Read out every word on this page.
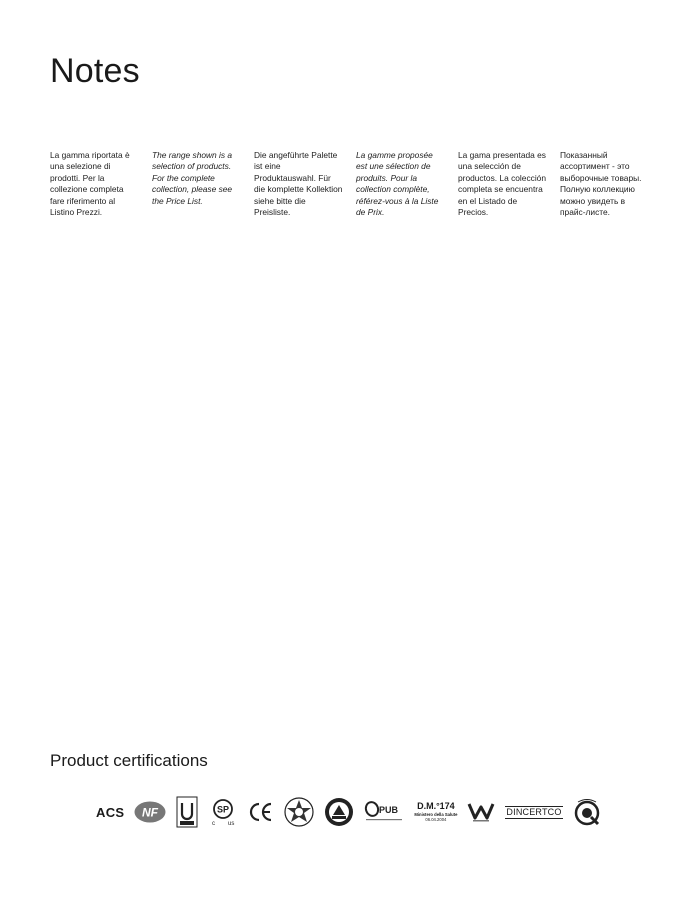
Notes
La gamma riportata è una selezione di prodotti. Per la collezione completa fare riferimento al Listino Prezzi.
The range shown is a selection of products. For the complete collection, please see the Price List.
Die angeführte Palette ist eine Produktauswahl. Für die komplette Kollektion siehe bitte die Preisliste.
La gamme proposée est une sélection de produits. Pour la collection complète, référez-vous à la Liste de Prix.
La gama presentada es una selección de productos. La colección completa se encuentra en el Listado de Precios.
Показанный ассортимент - это выборочные товары. Полную коллекцию можно увидеть в прайс-листе.
Product certifications
ACS NF	SP
c us
PUB D.M.°174
Ministero della Salute
06.04.2004
DINCERTCO
